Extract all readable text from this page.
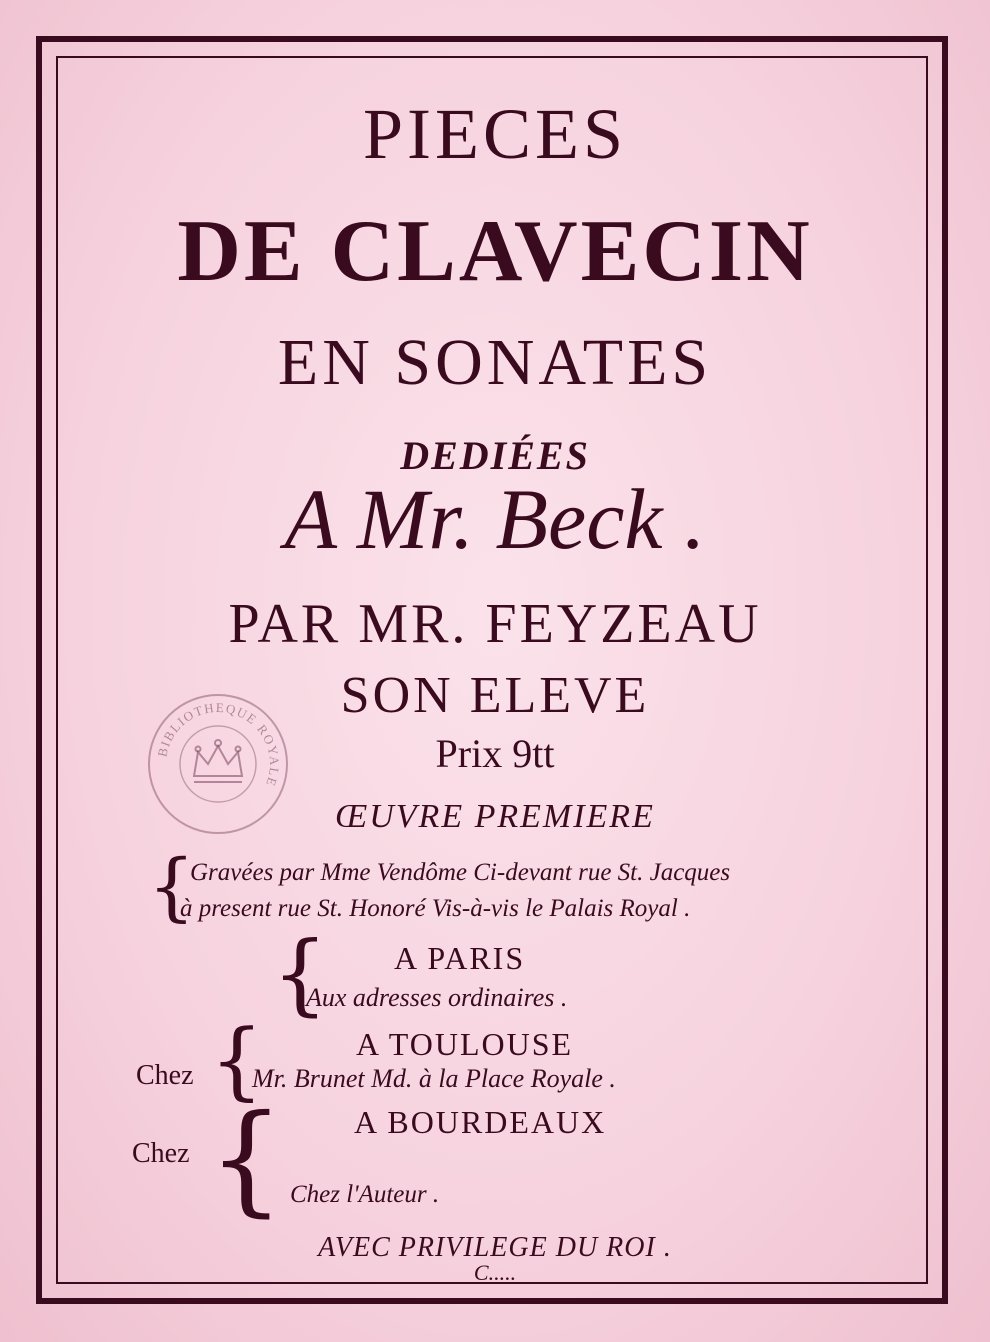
PIECES
DE CLAVECIN
EN SONATES
DEDIÉES
A Mr. Beck .
PAR MR. FEYZEAU
SON ELEVE
Prix 9tt
ŒUVRE PREMIERE
BIBLIOTHEQUE ROYALE
{
Gravées par Mme Vendôme Ci-devant rue St. Jacques
à present rue St. Honoré Vis-à-vis le Palais Royal .
{ A PARIS
Aux adresses ordinaires .
Chez {	A TOULOUSE
Mr. Brunet Md. à la Place Royale .
Chez { A BOURDEAUX
Chez l'Auteur .
AVEC PRIVILEGE DU ROI .
C.....
